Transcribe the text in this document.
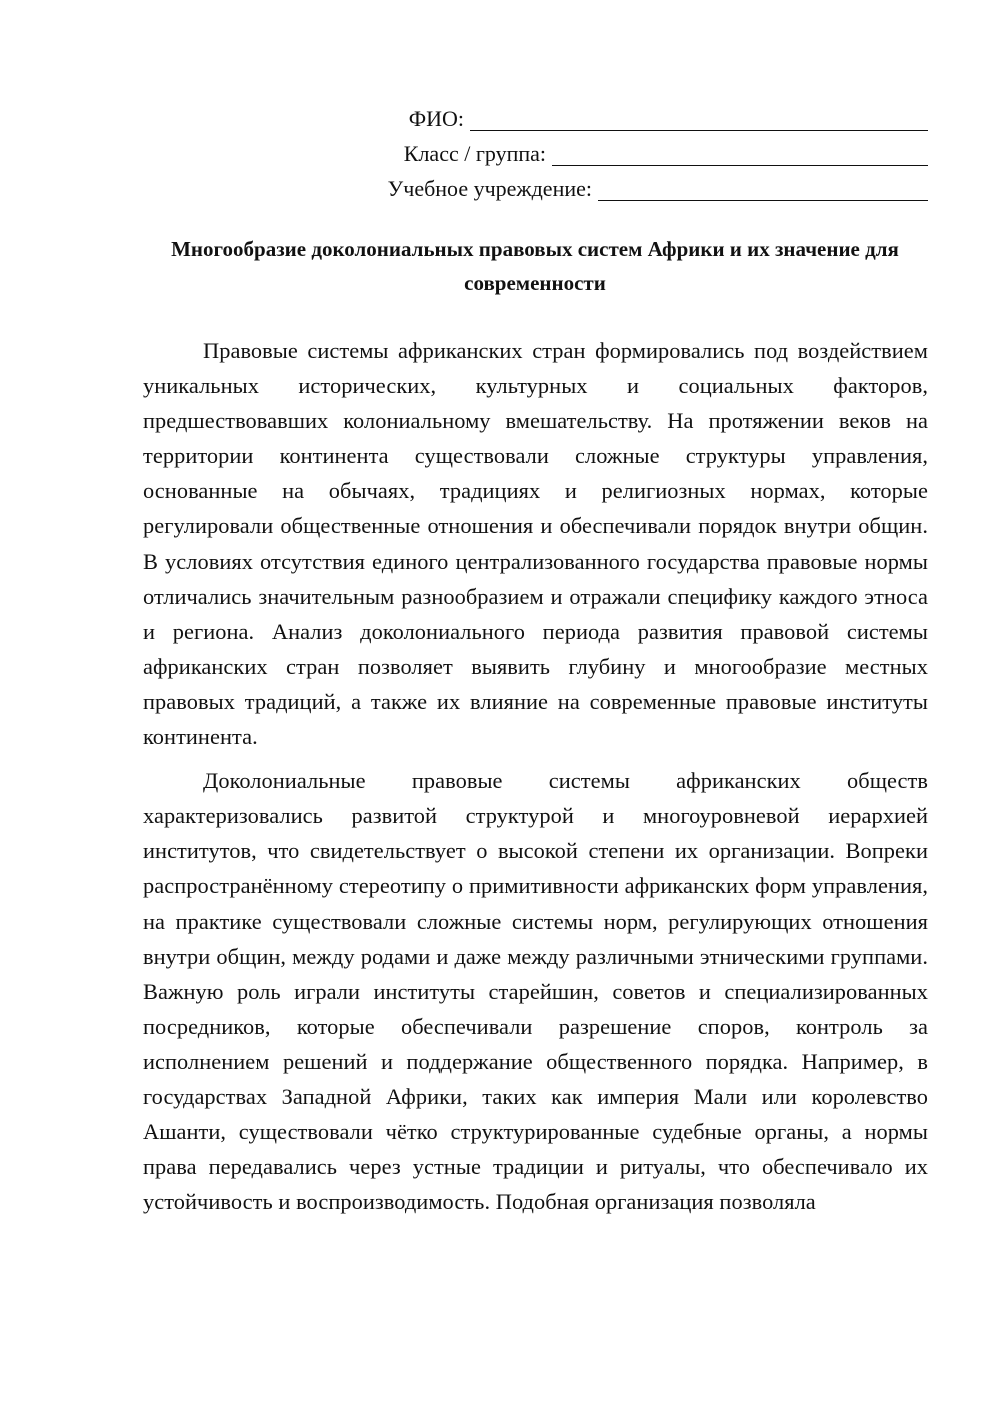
ФИО:
Класс / группа:
Учебное учреждение:
Многообразие доколониальных правовых систем Африки и их значение для современности

Правовые системы африканских стран формировались под воздействием уникальных исторических, культурных и социальных факторов, предшествовавших колониальному вмешательству. На протяжении веков на территории континента существовали сложные структуры управления, основанные на обычаях, традициях и религиозных нормах, которые регулировали общественные отношения и обеспечивали порядок внутри общин. В условиях отсутствия единого централизованного государства правовые нормы отличались значительным разнообразием и отражали специфику каждого этноса и региона. Анализ доколониального периода развития правовой системы африканских стран позволяет выявить глубину и многообразие местных правовых традиций, а также их влияние на современные правовые институты континента.

Доколониальные правовые системы африканских обществ характеризовались развитой структурой и многоуровневой иерархией институтов, что свидетельствует о высокой степени их организации. Вопреки распространённому стереотипу о примитивности африканских форм управления, на практике существовали сложные системы норм, регулирующих отношения внутри общин, между родами и даже между различными этническими группами. Важную роль играли институты старейшин, советов и специализированных посредников, которые обеспечивали разрешение споров, контроль за исполнением решений и поддержание общественного порядка. Например, в государствах Западной Африки, таких как империя Мали или королевство Ашанти, существовали чётко структурированные судебные органы, а нормы права передавались через устные традиции и ритуалы, что обеспечивало их устойчивость и воспроизводимость. Подобная организация позволяла
